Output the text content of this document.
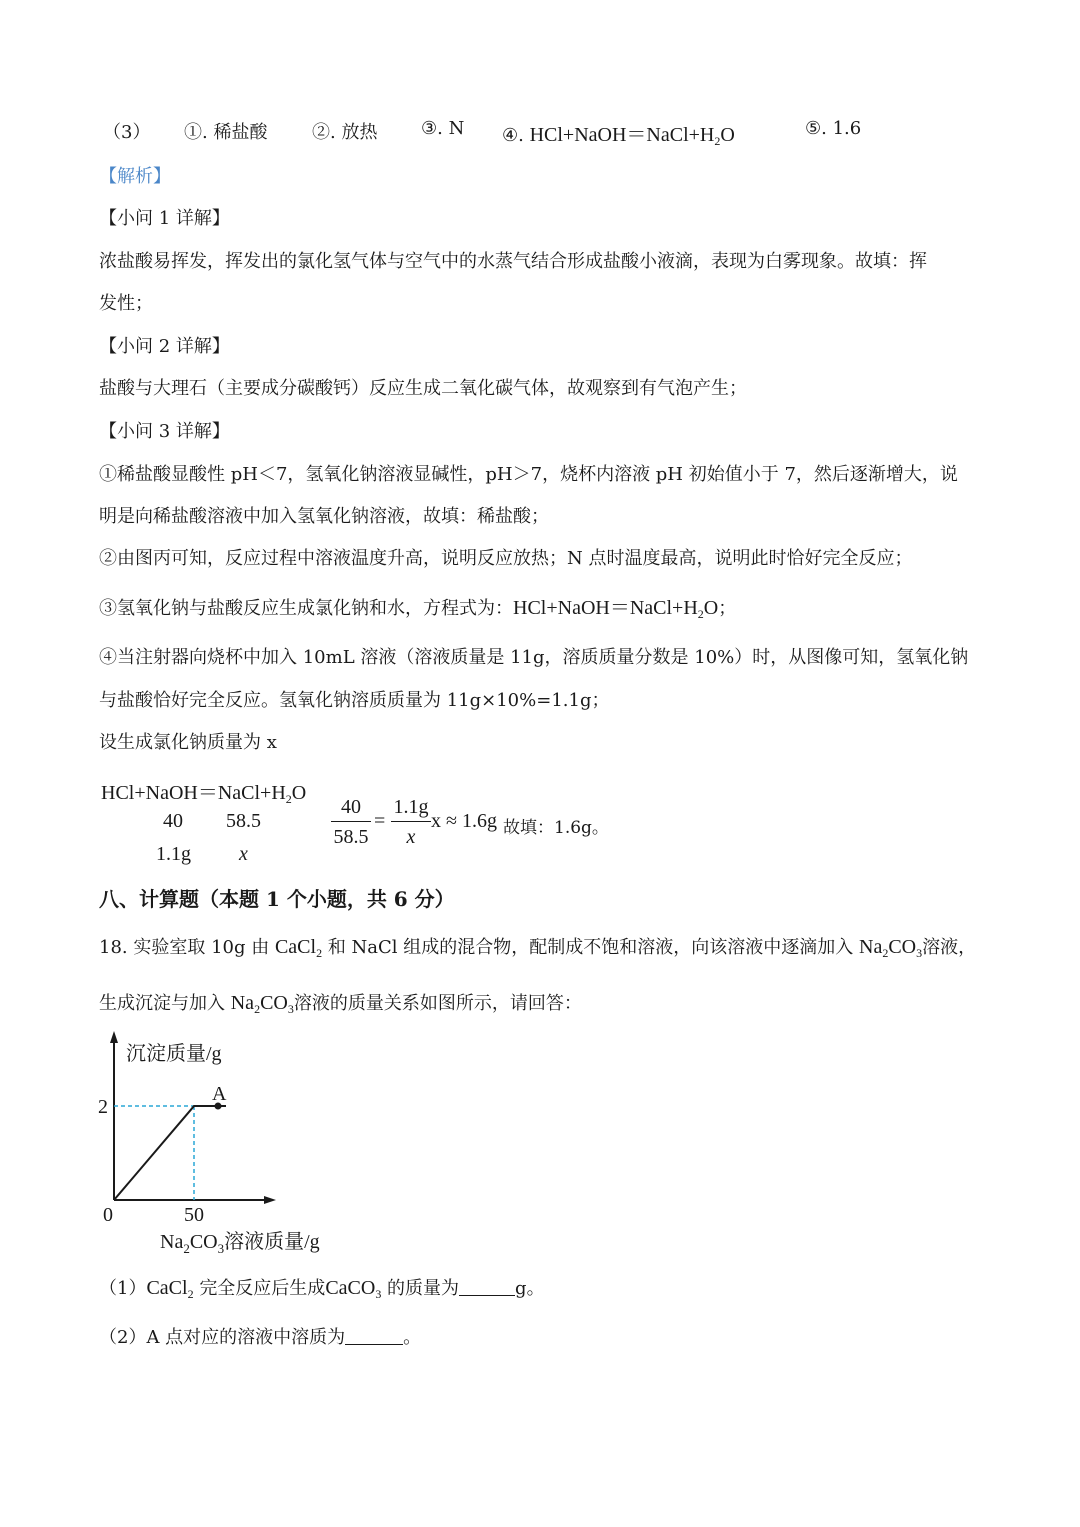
（3） ①. 稀盐酸 ②. 放热 ③. N ④. $HCl+NaOH=NaCl+H_2O$	⑤. 1.6
【解析】
【小问 1 详解】
浓盐酸易挥发，挥发出的氯化氢气体与空气中的水蒸气结合形成盐酸小液滴，表现为白雾现象。故填：挥
发性；
【小问 2 详解】
盐酸与大理石（主要成分碳酸钙）反应生成二氧化碳气体，故观察到有气泡产生；
【小问 3 详解】
①稀盐酸显酸性 pH＜7，氢氧化钠溶液显碱性，pH＞7，烧杯内溶液 pH 初始值小于 7，然后逐渐增大，说
明是向稀盐酸溶液中加入氢氧化钠溶液，故填：稀盐酸；
②由图丙可知，反应过程中溶液温度升高，说明反应放热；N 点时温度最高，说明此时恰好完全反应；
③氢氧化钠与盐酸反应生成氯化钠和水，方程式为：$HCl+NaOH=NaCl+H_2O$；
④当注射器向烧杯中加入 10mL 溶液（溶液质量是 11g，溶质质量分数是 10%）时，从图像可知，氢氧化钠
与盐酸恰好完全反应。氢氧化钠溶质质量为 11g×10%=1.1g；
设生成氯化钠质量为 x
$HCl+NaOH=NaCl+H_2O$
40 58.5
1.1g x
$\frac{40}{58.5} = \frac{1.1g}{x}$ x ≈ 1.6g 故填：1.6g。
八、计算题（本题 1 个小题，共 6 分）
18. 实验室取 10g 由 CaCl$_2$ 和 NaCl 组成的混合物，配制成不饱和溶液，向该溶液中逐滴加入 $Na_2CO_3$溶液，
生成沉淀与加入 $Na_2CO_3$溶液的质量关系如图所示，请回答：
A
0	50
2
沉淀质量/g
$Na_2CO_3$溶液质量/g
（1）CaCl$_2$ 完全反应后生成CaCO$_3$ 的质量为	g。
（2）A 点对应的溶液中溶质为	。
